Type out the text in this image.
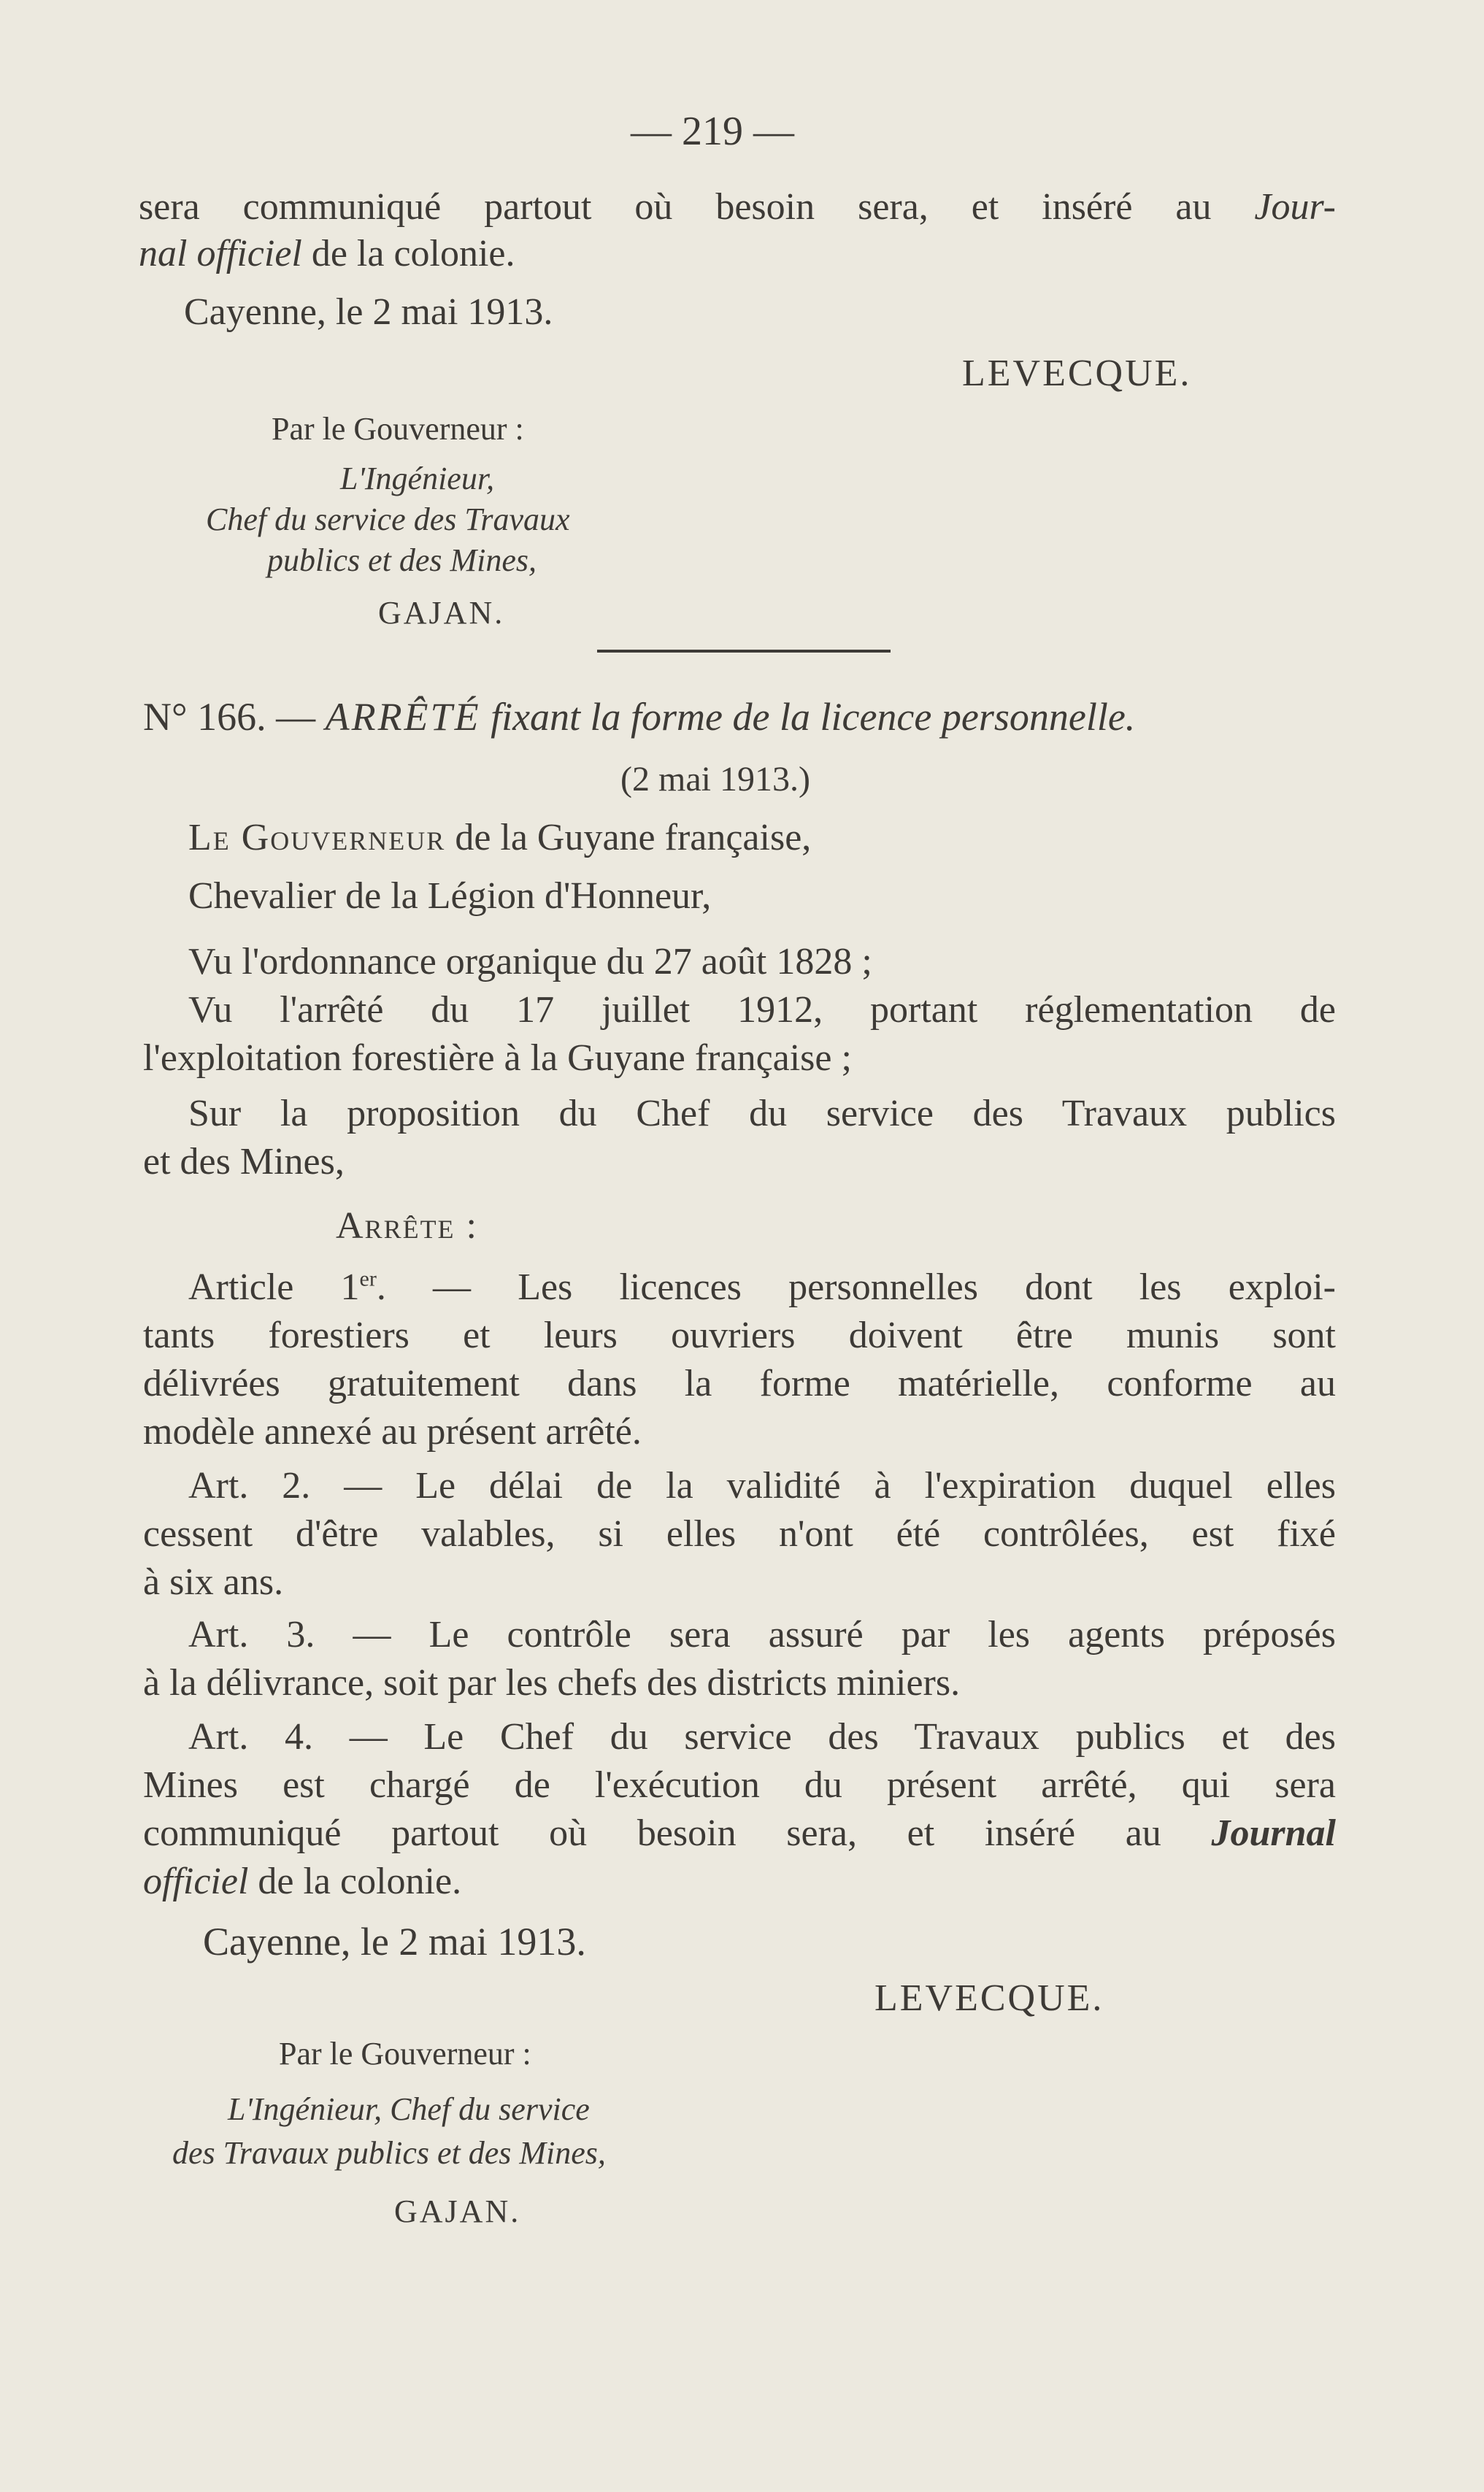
— 219 —
sera communiqué partout où besoin sera, et inséré au Jour-
nal officiel de la colonie.
Cayenne, le 2 mai 1913.
LEVECQUE.
Par le Gouverneur :
L'Ingénieur,
Chef du service des Travaux
publics et des Mines,
GAJAN.
N° 166. — ARRÊTÉ fixant la forme de la licence personnelle.
(2 mai 1913.)
Le Gouverneur de la Guyane française,
Chevalier de la Légion d'Honneur,
Vu l'ordonnance organique du 27 août 1828 ;
Vu l'arrêté du 17 juillet 1912, portant réglementation de
l'exploitation forestière à la Guyane française ;
Sur la proposition du Chef du service des Travaux publics
et des Mines,
Arrête :
Article 1er. — Les licences personnelles dont les exploi-
tants forestiers et leurs ouvriers doivent être munis sont
délivrées gratuitement dans la forme matérielle, conforme au
modèle annexé au présent arrêté.
Art. 2. — Le délai de la validité à l'expiration duquel elles
cessent d'être valables, si elles n'ont été contrôlées, est fixé
à six ans.
Art. 3. — Le contrôle sera assuré par les agents préposés
à la délivrance, soit par les chefs des districts miniers.
Art. 4. — Le Chef du service des Travaux publics et des
Mines est chargé de l'exécution du présent arrêté, qui sera
communiqué partout où besoin sera, et inséré au Journal
officiel de la colonie.
Cayenne, le 2 mai 1913.
LEVECQUE.
Par le Gouverneur :
L'Ingénieur, Chef du service
des Travaux publics et des Mines,
GAJAN.
